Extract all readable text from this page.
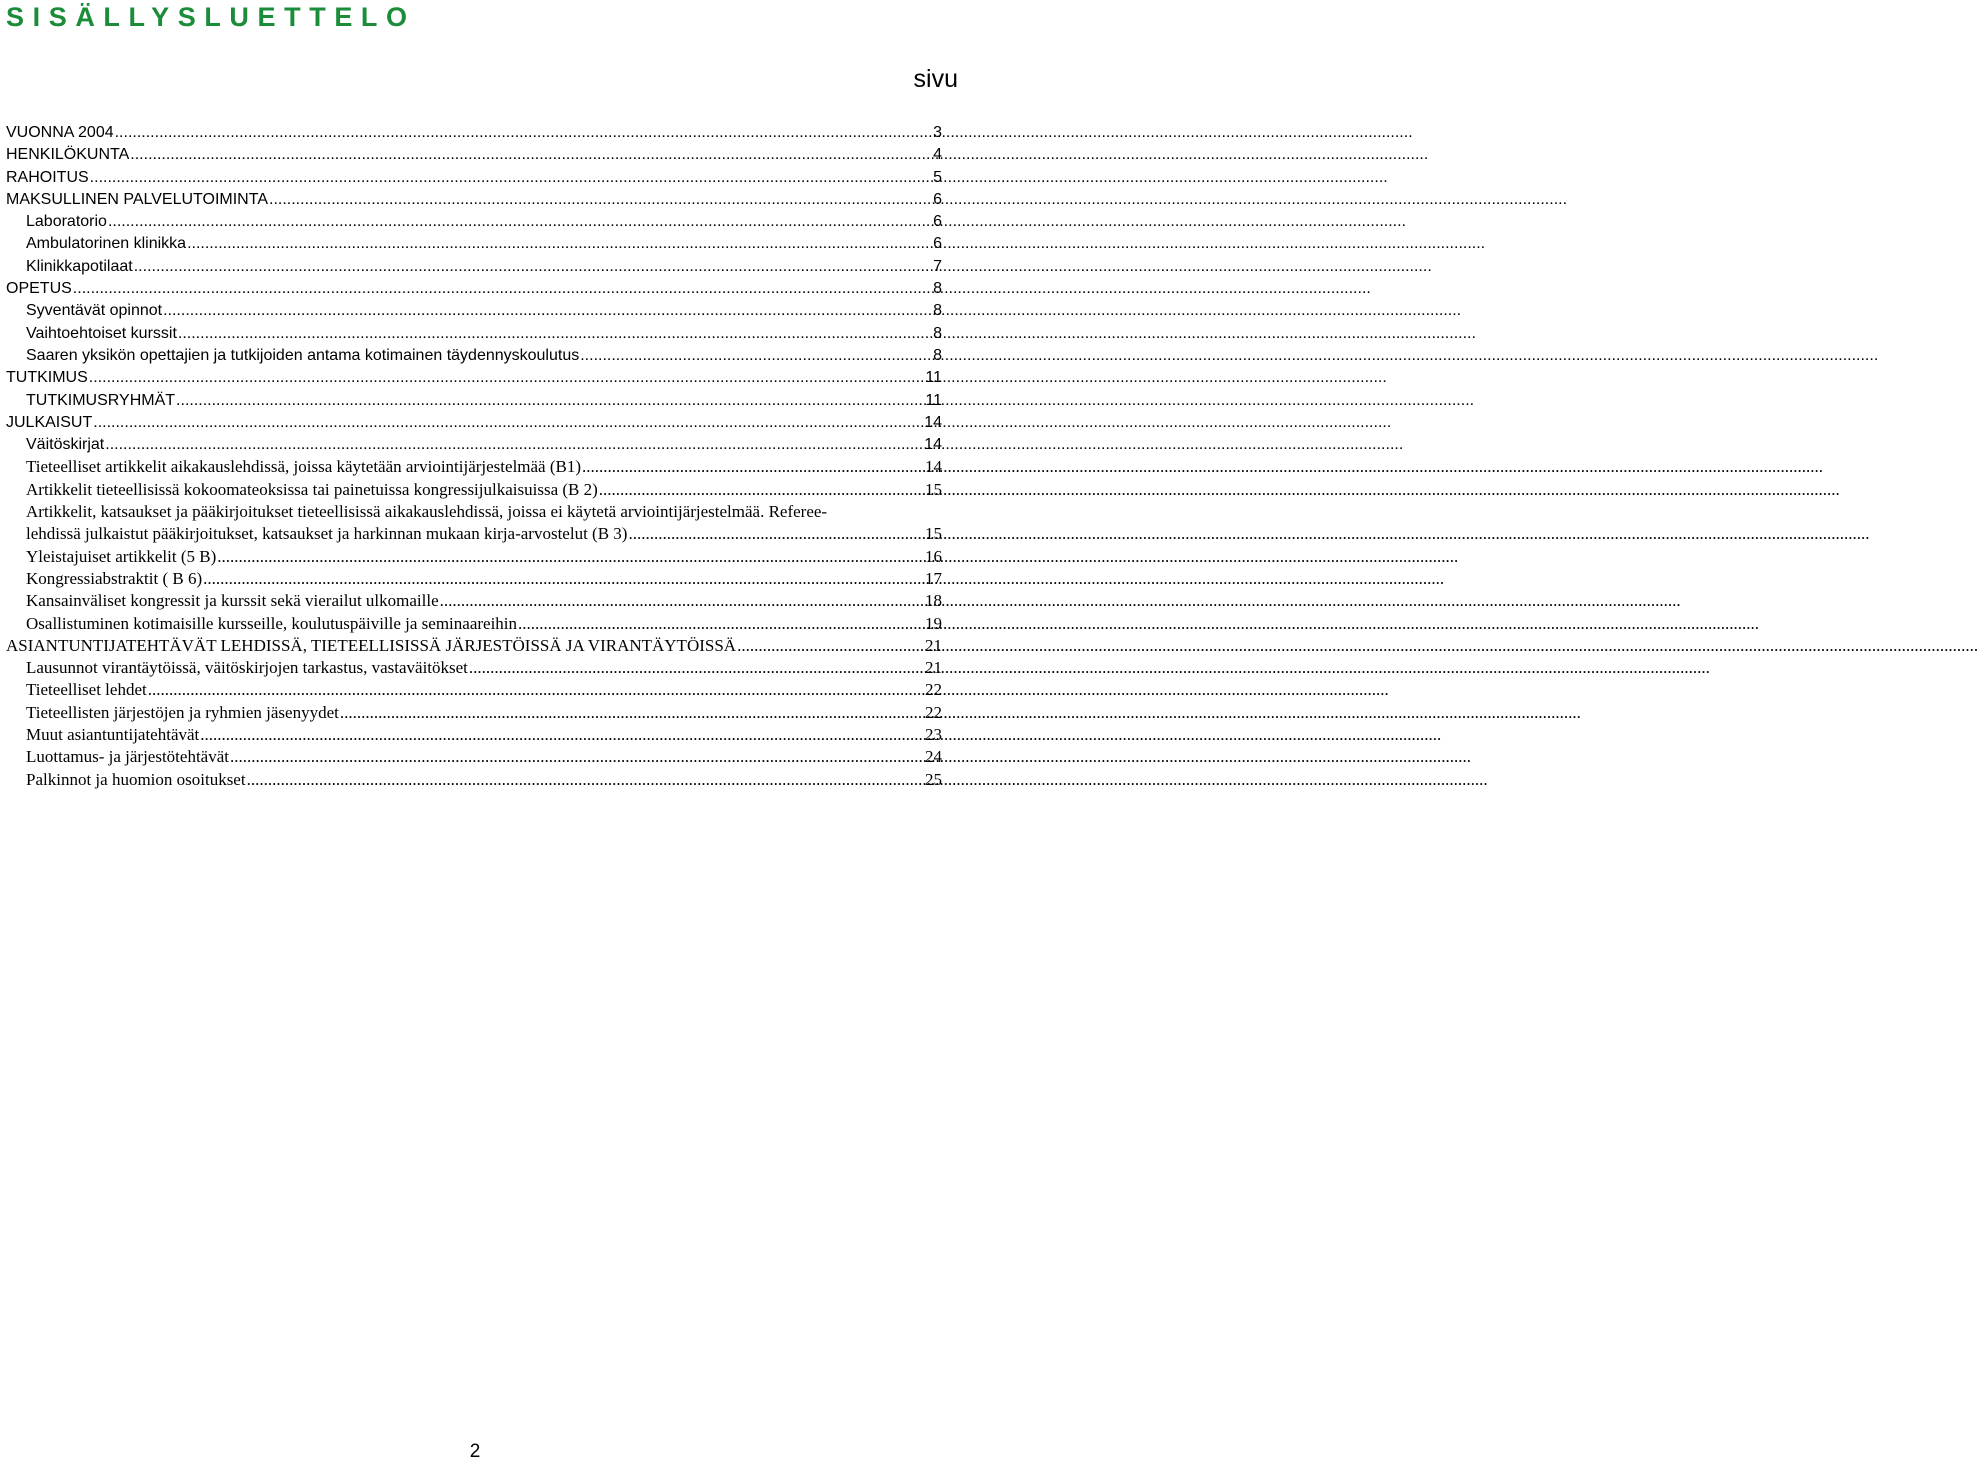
SISÄLLYSLUETTELO
sivu
VUONNA 2004 .....	3
HENKILÖKUNTA .....	4
RAHOITUS .....	5
MAKSULLINEN PALVELUTOIMINTA .....	6
Laboratorio .....	6
Ambulatorinen klinikka .....	6
Klinikkapotilaat .....	7
OPETUS .....	8
Syventävät opinnot .....	8
Vaihtoehtoiset kurssit .....	8
Saaren yksikön opettajien ja tutkijoiden antama kotimainen täydennyskoulutus .....	8
TUTKIMUS .....	11
TUTKIMUSRYHMÄT .....	11
JULKAISUT .....	14
Väitöskirjat .....	14
Tieteelliset artikkelit aikakauslehdissä, joissa käytetään arviointijärjestelmää (B1) .....	14
Artikkelit tieteellisissä kokoomateoksissa tai painetuissa kongressijulkaisuissa (B 2) .....	15
Artikkelit, katsaukset ja pääkirjoitukset tieteellisissä aikakauslehdissä, joissa ei käytetä arviointijärjestelmää. Referee-
lehdissä julkaistut pääkirjoitukset, katsaukset ja harkinnan mukaan kirja-arvostelut (B 3) .....	15
Yleistajuiset artikkelit (5 B) .....	16
Kongressiabstraktit ( B 6) .....	17
Kansainväliset kongressit ja kurssit sekä vierailut ulkomaille .....	18
Osallistuminen kotimaisille kursseille, koulutuspäiville ja seminaareihin .....	19
ASIANTUNTIJATEHTÄVÄT LEHDISSÄ, TIETEELLISISSÄ JÄRJESTÖISSÄ JA VIRANTÄYTÖISSÄ .....	21
Lausunnot virantäytöissä, väitöskirjojen tarkastus, vastaväitökset .....	21
Tieteelliset lehdet .....	22
Tieteellisten järjestöjen ja ryhmien jäsenyydet .....	22
Muut asiantuntijatehtävät .....	23
Luottamus- ja järjestötehtävät .....	24
Palkinnot ja huomion osoitukset .....	25
2
